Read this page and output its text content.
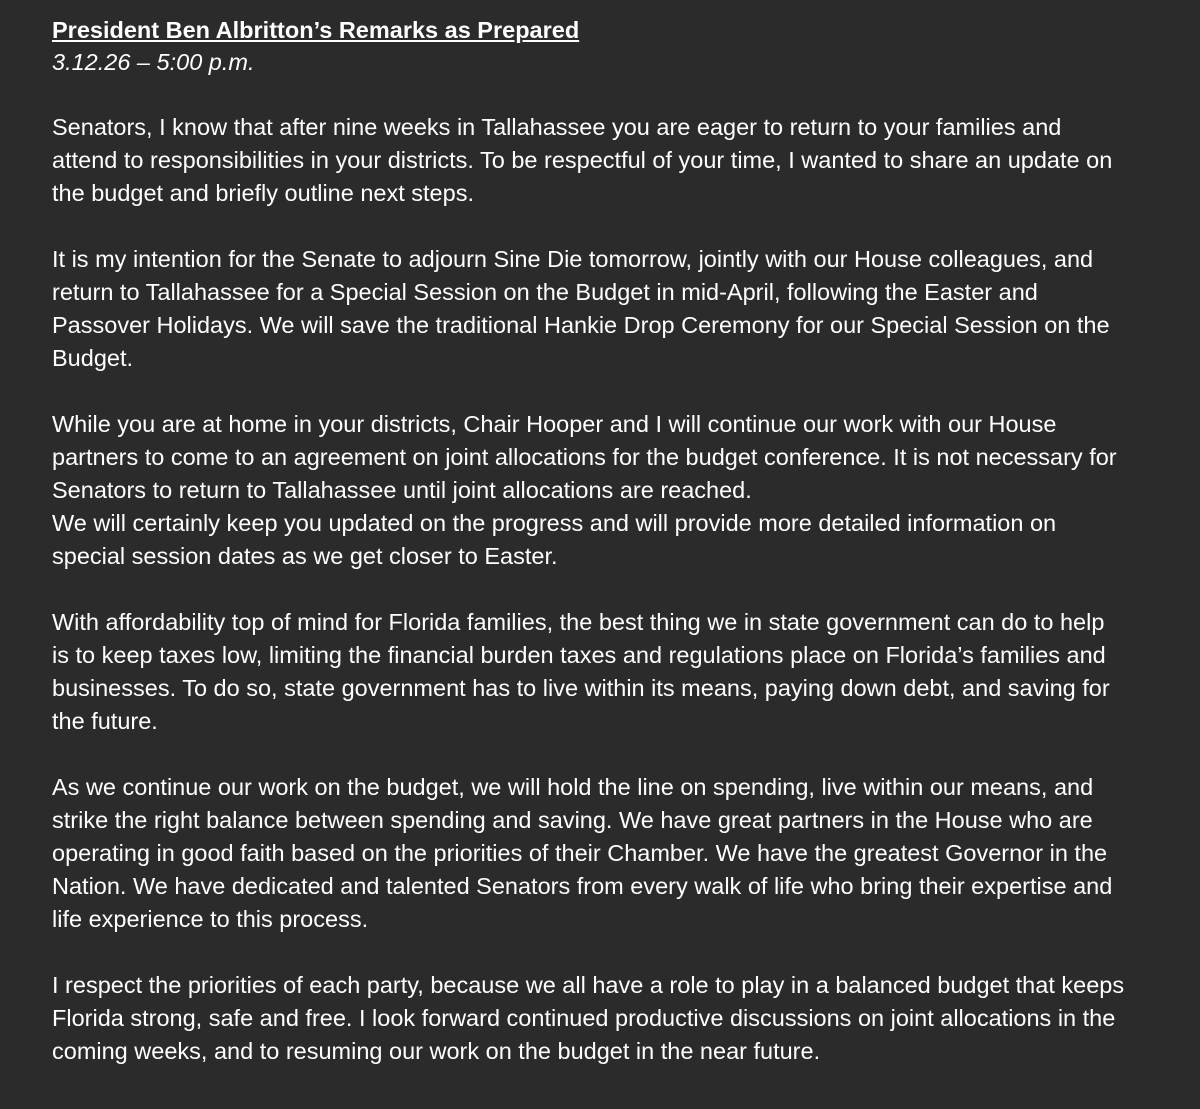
President Ben Albritton’s Remarks as Prepared

3.12.26 – 5:00 p.m.

Senators, I know that after nine weeks in Tallahassee you are eager to return to your families and
attend to responsibilities in your districts. To be respectful of your time, I wanted to share an update on
the budget and briefly outline next steps.

It is my intention for the Senate to adjourn Sine Die tomorrow, jointly with our House colleagues, and
return to Tallahassee for a Special Session on the Budget in mid-April, following the Easter and
Passover Holidays. We will save the traditional Hankie Drop Ceremony for our Special Session on the
Budget.

While you are at home in your districts, Chair Hooper and I will continue our work with our House
partners to come to an agreement on joint allocations for the budget conference. It is not necessary for
Senators to return to Tallahassee until joint allocations are reached.

We will certainly keep you updated on the progress and will provide more detailed information on
special session dates as we get closer to Easter.

With affordability top of mind for Florida families, the best thing we in state government can do to help
is to keep taxes low, limiting the financial burden taxes and regulations place on Florida’s families and
businesses. To do so, state government has to live within its means, paying down debt, and saving for
the future.

As we continue our work on the budget, we will hold the line on spending, live within our means, and
strike the right balance between spending and saving. We have great partners in the House who are
operating in good faith based on the priorities of their Chamber. We have the greatest Governor in the
Nation. We have dedicated and talented Senators from every walk of life who bring their expertise and
life experience to this process.

I respect the priorities of each party, because we all have a role to play in a balanced budget that keeps
Florida strong, safe and free. I look forward continued productive discussions on joint allocations in the
coming weeks, and to resuming our work on the budget in the near future.
